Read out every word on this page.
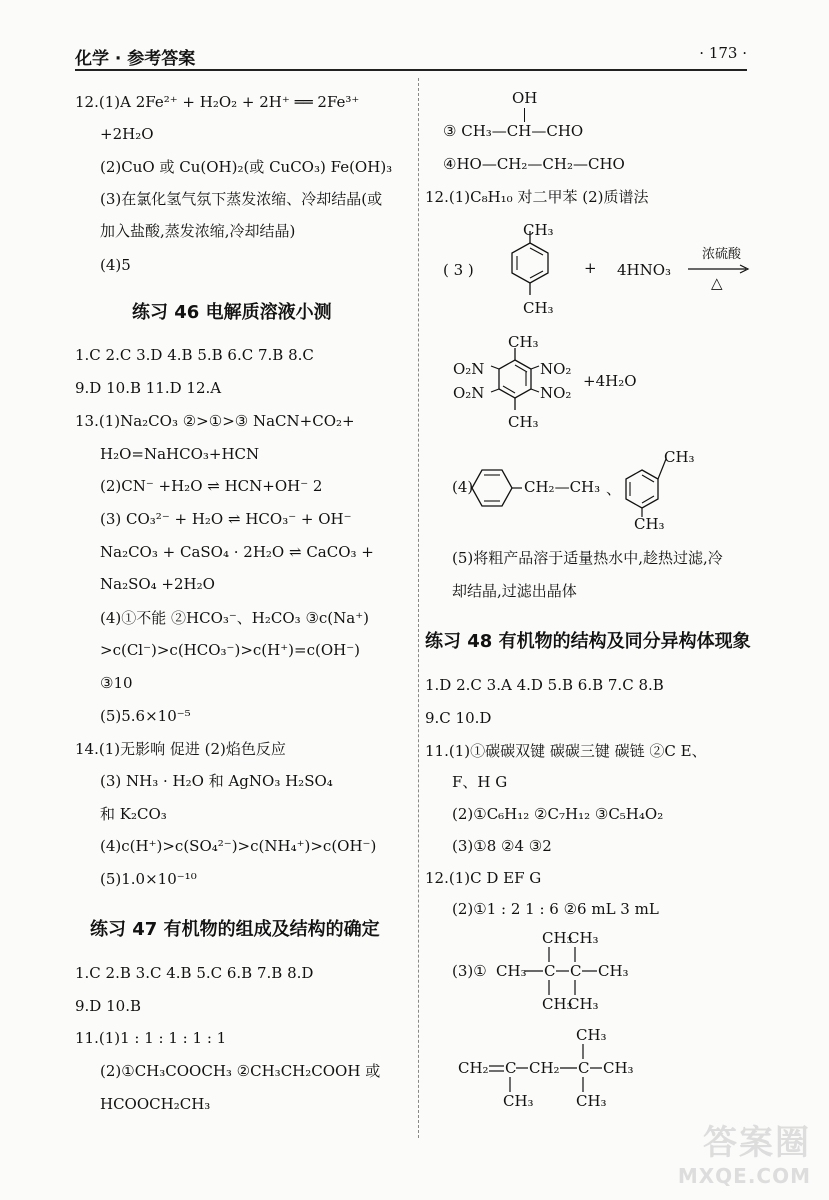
化学 · 参考答案	· 173 ·
12.(1)A 2Fe²⁺ + H₂O₂ + 2H⁺ ══ 2Fe³⁺
+2H₂O
(2)CuO 或 Cu(OH)₂(或 CuCO₃) Fe(OH)₃
(3)在氯化氢气氛下蒸发浓缩、冷却结晶(或
加入盐酸,蒸发浓缩,冷却结晶)
(4)5
练习 46 电解质溶液小测
1.C 2.C 3.D 4.B 5.B 6.C 7.B 8.C
9.D 10.B 11.D 12.A
13.(1)Na₂CO₃ ②>①>③ NaCN+CO₂+
H₂O=NaHCO₃+HCN
(2)CN⁻ +H₂O ⇌ HCN+OH⁻ 2
(3) CO₃²⁻ + H₂O ⇌ HCO₃⁻ + OH⁻
Na₂CO₃ + CaSO₄ · 2H₂O ⇌ CaCO₃ +
Na₂SO₄ +2H₂O
(4)①不能 ②HCO₃⁻、H₂CO₃ ③c(Na⁺)
>c(Cl⁻)>c(HCO₃⁻)>c(H⁺)=c(OH⁻)
③10
(5)5.6×10⁻⁵
14.(1)无影响 促进 (2)焰色反应
(3) NH₃ · H₂O 和 AgNO₃ H₂SO₄
和 K₂CO₃
(4)c(H⁺)>c(SO₄²⁻)>c(NH₄⁺)>c(OH⁻)
(5)1.0×10⁻¹⁰
练习 47 有机物的组成及结构的确定
1.C 2.B 3.C 4.B 5.C 6.B 7.B 8.D
9.D 10.B
11.(1)1 : 1 : 1 : 1 : 1
(2)①CH₃COOCH₃ ②CH₃CH₂COOH 或
HCOOCH₂CH₃
OH
③ CH₃—CH—CHO
④HO—CH₂—CH₂—CHO
12.(1)C₈H₁₀ 对二甲苯 (2)质谱法
CH₃
CH₃
( 3 )	+ 4HNO₃
浓硫酸
△
CH₃
CH₃
NO₂
NO₂
O₂N
O₂N
+4H₂O
(4)	CH₂—CH₃ 、
CH₃
CH₃
(5)将粗产品溶于适量热水中,趁热过滤,冷
却结晶,过滤出晶体
练习 48 有机物的结构及同分异构体现象
1.D 2.C 3.A 4.D 5.B 6.B 7.C 8.B
9.C 10.D
11.(1)①碳碳双键 碳碳三键 碳链 ②C E、
F、H G
(2)①C₆H₁₂ ②C₇H₁₂ ③C₅H₄O₂
(3)①8 ②4 ③2
12.(1)C D EF G
(2)①1 : 2 1 : 6 ②6 mL 3 mL
(3)① CH₃ C C CH₃
CH₃
CH₃
CH₃
CH₃
CH₂ C CH₂ C CH₃
CH₃
CH₃	CH₃
答案圈
MXQE.COM
